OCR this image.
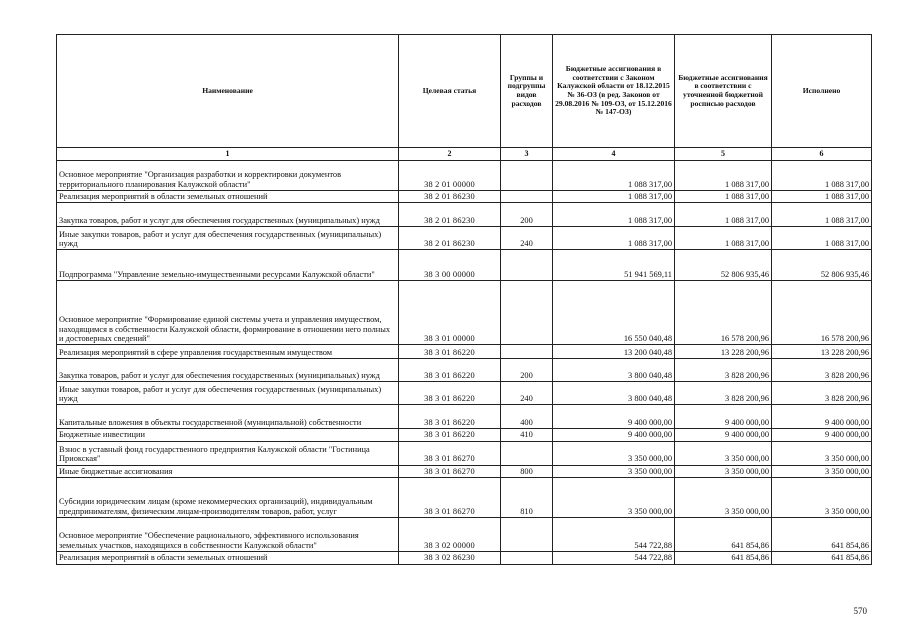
Наименование	Целевая статья	Группы и подгруппы видов расходов	Бюджетные ассигнования в соответствии с Законом Калужской области от 18.12.2015 № 36-ОЗ (в ред. Законов от 29.08.2016 № 109-ОЗ, от 15.12.2016 № 147-ОЗ)	Бюджетные ассигнования в соответствии с уточненной бюджетной росписью расходов	Исполнено
1	2	3	4	5	6
Основное мероприятие "Организация разработки и корректировки документов территориального планирования Калужской области"	38 2 01 00000		1 088 317,00	1 088 317,00	1 088 317,00
Реализация мероприятий в области земельных отношений	38 2 01 86230		1 088 317,00	1 088 317,00	1 088 317,00
Закупка товаров, работ и услуг для обеспечения государственных (муниципальных) нужд	38 2 01 86230	200	1 088 317,00	1 088 317,00	1 088 317,00
Иные закупки товаров, работ и услуг для обеспечения государственных (муниципальных) нужд	38 2 01 86230	240	1 088 317,00	1 088 317,00	1 088 317,00
Подпрограмма "Управление земельно-имущественными ресурсами Калужской области"	38 3 00 00000		51 941 569,11	52 806 935,46	52 806 935,46
Основное мероприятие "Формирование единой системы учета и управления имуществом, находящимся в собственности Калужской области, формирование в отношении него полных и достоверных сведений"	38 3 01 00000		16 550 040,48	16 578 200,96	16 578 200,96
Реализация мероприятий в сфере управления государственным имуществом	38 3 01 86220		13 200 040,48	13 228 200,96	13 228 200,96
Закупка товаров, работ и услуг для обеспечения государственных (муниципальных) нужд	38 3 01 86220	200	3 800 040,48	3 828 200,96	3 828 200,96
Иные закупки товаров, работ и услуг для обеспечения государственных (муниципальных) нужд	38 3 01 86220	240	3 800 040,48	3 828 200,96	3 828 200,96
Капитальные вложения в объекты государственной (муниципальной) собственности	38 3 01 86220	400	9 400 000,00	9 400 000,00	9 400 000,00
Бюджетные инвестиции	38 3 01 86220	410	9 400 000,00	9 400 000,00	9 400 000,00
Взнос в уставный фонд государственного предприятия Калужской области "Гостиница Приокская"	38 3 01 86270		3 350 000,00	3 350 000,00	3 350 000,00
Иные бюджетные ассигнования	38 3 01 86270	800	3 350 000,00	3 350 000,00	3 350 000,00
Субсидии юридическим лицам (кроме некоммерческих организаций), индивидуальным предпринимателям, физическим лицам-производителям товаров, работ, услуг	38 3 01 86270	810	3 350 000,00	3 350 000,00	3 350 000,00
Основное мероприятие "Обеспечение рационального, эффективного использования земельных участков, находящихся в собственности Калужской области"	38 3 02 00000		544 722,88	641 854,86	641 854,86
Реализация мероприятий в области земельных отношений	38 3 02 86230		544 722,88	641 854,86	641 854,86
570
